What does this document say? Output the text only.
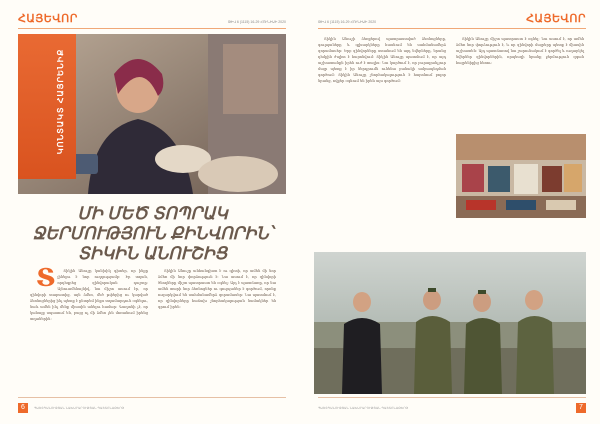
ՀԱՅԵՎՈՐ	ԹԻՎ 6 (1115) 16-29 ՀՈՒՆԻՍԻ 2020
ԿՈՆՏԱԿՏ ՀԱՅՐԵՆԻՔ
ՄԻ ՄԵԾ ՏՈՊՐԱԿ ՋԵՐՄՈՒԹՅՈՒՆ ՔԻՆՎՈՐԻՆ՝ ՏԻԿԻՆ ԱՆՈՒՇԻՑ

Տ Տիկին Անուշը կանխիկ գիտեր, որ ինքը լինելու է նոր ուղղությամբ: Իր տղան, որդեգրեց զինվորական դաշտը: Այնուամենայնիվ, նա միշտ ասում էր, որ զինվորի տաբատից, այն ձմեռ, մեծ թփերից ու կարված ձեռնոցներից ինչ պետք է ընտրեմ ինքս տղամարդուն օգնելու, նաև ամեն ինչ մենք միասին անելու համար: Գաղտնի չէ, որ կանայք սպասում են, բայց ոչ մի ձմեռ չեն մոռանում իրենց տղաներին:

Տիկին Անուշը անհանգիստ է ու գիտի, որ ամեն մի նոր ձմեռ մի նոր փորձություն է: Նա ասում է, որ զինվորի ծնողները միշտ պատրաստ են օգնել: Այդ է պատճառը, որ նա ամեն տարի նոր ձեռնոցներ ու գուլպաներ է գործում, որոնք ուղարկվում են սահմանամերձ զորամասեր: Նա պատմում է, որ զինվորները հաճախ շնորհակալության նամակներ են գրում իրեն:

6	ՊԱՇՏՊԱՆՈՒԹՅԱՆ ՆԱԽԱՐԱՐՈՒԹՅԱՆ ՊԱՇՏՈՆԱԹԵՐԹ
ԹԻՎ 6 (1115) 16-29 ՀՈՒՆԻՍԻ 2020	ՀԱՅԵՎՈՐ

Տիկին Անուշի ձեռքերով պատրաստված ձեռնոցները, գուլպաները և գլխարկները հասնում են սահմանամերձ զորամասեր: Երբ զինվորները ստանում են այդ նվերները, նրանց դեմքին ժպիտ է հայտնվում: Տիկին Անուշը պատմում է, որ այդ աշխատանքն իրեն ուժ է տալիս: Նա կարծում է, որ յուրաքանչյուր մայր պետք է իր ներդրումն ունենա բանակի ամրապնդման գործում: Տիկին Անուշը շնորհակալություն է հայտնում բոլոր նրանց, ովքեր օգնում են իրեն այս գործում:

Տիկին Անուշը միշտ պատրաստ է օգնել: Նա ասում է, որ ամեն ձմեռ նոր փորձություն է, և որ զինվորի մայրերը պետք է միասին աշխատեն: Այդ պատճառով նա շարունակում է գործել և ուղարկել նվերներ զինվորներին, որպեսզի նրանք ջերմություն զգան հայրենիքից հեռու:

ՊԱՇՏՊԱՆՈՒԹՅԱՆ ՆԱԽԱՐԱՐՈՒԹՅԱՆ ՊԱՇՏՈՆԱԹԵՐԹ	7
